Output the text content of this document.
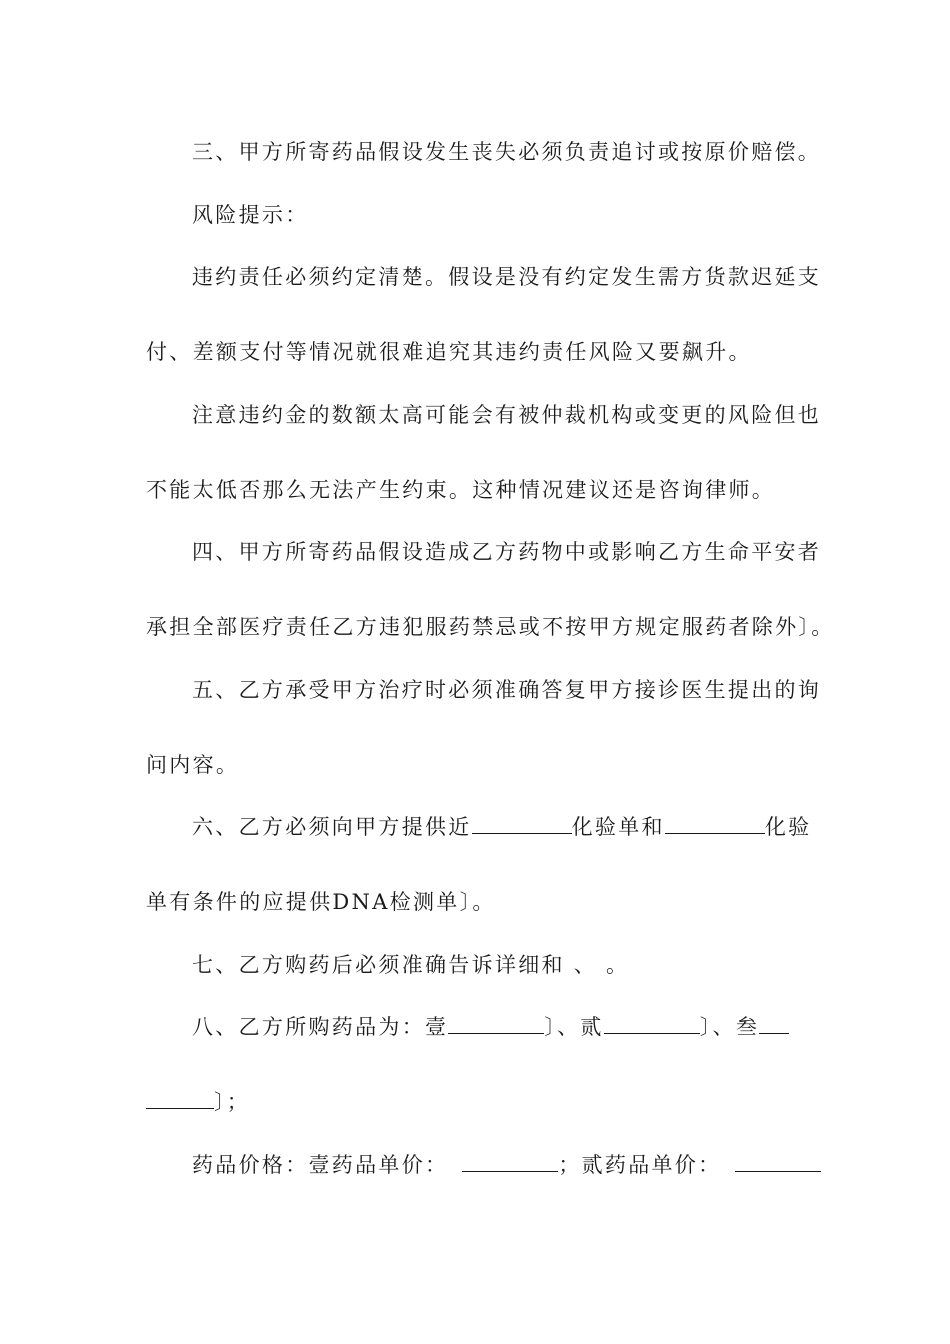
三、甲方所寄药品假设发生丧失必须负责追讨或按原价赔偿。
风险提示：
违约责任必须约定清楚。假设是没有约定发生需方货款迟延支
付、差额支付等情况就很难追究其违约责任风险又要飙升。
注意违约金的数额太高可能会有被仲裁机构或变更的风险但也
不能太低否那么无法产生约束。这种情况建议还是咨询律师。
四、甲方所寄药品假设造成乙方药物中或影响乙方生命平安者
承担全部医疗责任乙方违犯服药禁忌或不按甲方规定服药者除外〕。
五、乙方承受甲方治疗时必须准确答复甲方接诊医生提出的询
问内容。
六、乙方必须向甲方提供近	化验单和	化验
单有条件的应提供DNA检测单〕。
七、乙方购药后必须准确告诉详细和 、 。
八、乙方所购药品为：壹	〕、贰	〕、叁
〕；
药品价格：壹药品单价：	；贰药品单价：
